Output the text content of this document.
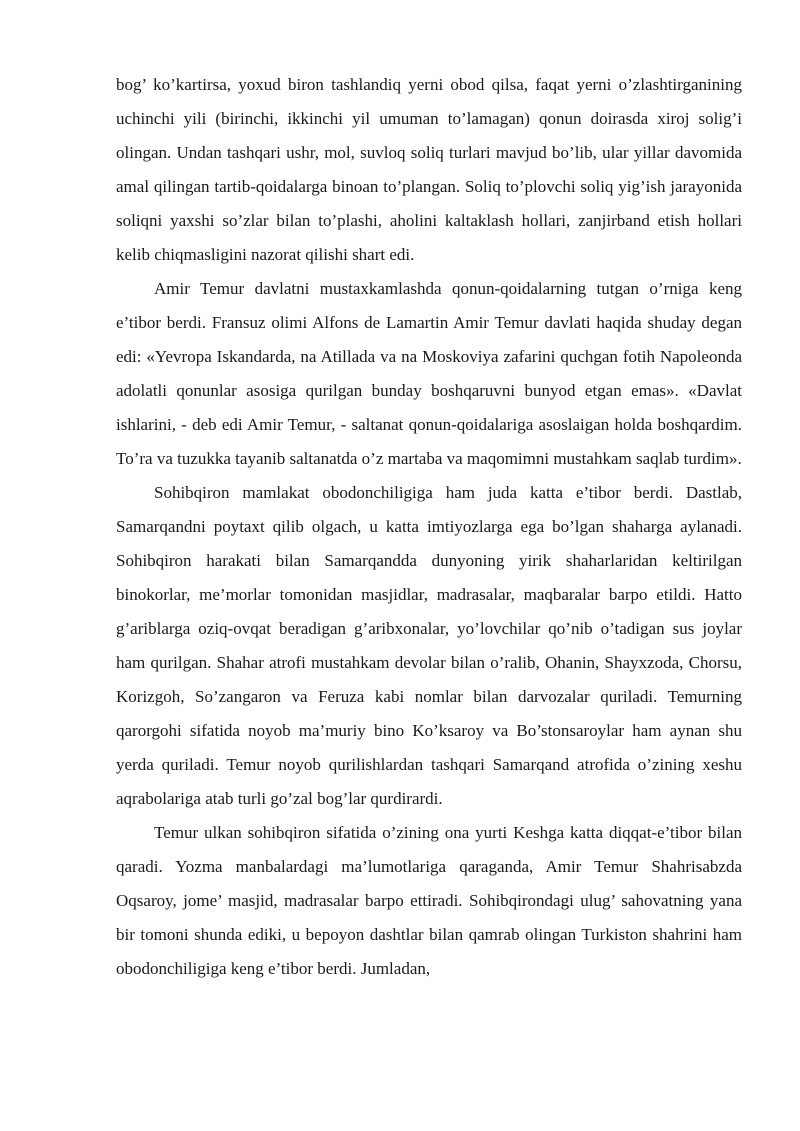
bog’ ko’kartirsa, yoxud biron tashlandiq yerni obod qilsa, faqat yerni o’zlashtirganining uchinchi yili (birinchi, ikkinchi yil umuman to’lamagan) qonun doirasda xiroj solig’i olingan. Undan tashqari ushr, mol, suvloq soliq turlari mavjud bo’lib, ular yillar davomida amal qilingan tartib-qoidalarga binoan to’plangan. Soliq to’plovchi soliq yig’ish jarayonida soliqni yaxshi so’zlar bilan to’plashi, aholini kaltaklash hollari, zanjirband etish hollari kelib chiqmasligini nazorat qilishi shart edi.

Amir Temur davlatni mustaxkamlashda qonun-qoidalarning tutgan o’rniga keng e’tibor berdi. Fransuz olimi Alfons de Lamartin Amir Temur davlati haqida shuday degan edi: «Yevropa Iskandarda, na Atillada va na Moskoviya zafarini quchgan fotih Napoleonda adolatli qonunlar asosiga qurilgan bunday boshqaruvni bunyod etgan emas». «Davlat ishlarini, - deb edi Amir Temur, - saltanat qonun-qoidalariga asoslaigan holda boshqardim. To’ra va tuzukka tayanib saltanatda o’z martaba va maqomimni mustahkam saqlab turdim».

Sohibqiron mamlakat obodonchiligiga ham juda katta e’tibor berdi. Dastlab, Samarqandni poytaxt qilib olgach, u katta imtiyozlarga ega bo’lgan shaharga aylanadi. Sohibqiron harakati bilan Samarqandda dunyoning yirik shaharlaridan keltirilgan binokorlar, me’morlar tomonidan masjidlar, madrasalar, maqbaralar barpo etildi. Hatto g’ariblarga oziq-ovqat beradigan g’aribxonalar, yo’lovchilar qo’nib o’tadigan sus joylar ham qurilgan. Shahar atrofi mustahkam devolar bilan o’ralib, Ohanin, Shayxzoda, Chorsu, Korizgoh, So’zangaron va Feruza kabi nomlar bilan darvozalar quriladi. Temurning qarorgohi sifatida noyob ma’muriy bino Ko’ksaroy va Bo’stonsaroylar ham aynan shu yerda quriladi. Temur noyob qurilishlardan tashqari Samarqand atrofida o’zining xeshu aqrabolariga atab turli go’zal bog’lar qurdirardi.

Temur ulkan sohibqiron sifatida o’zining ona yurti Keshga katta diqqat-e’tibor bilan qaradi. Yozma manbalardagi ma’lumotlariga qaraganda, Amir Temur Shahrisabzda Oqsaroy, jome’ masjid, madrasalar barpo ettiradi. Sohibqirondagi ulug’ sahovatning yana bir tomoni shunda ediki, u bepoyon dashtlar bilan qamrab olingan Turkiston shahrini ham obodonchiligiga keng e’tibor berdi. Jumladan,
